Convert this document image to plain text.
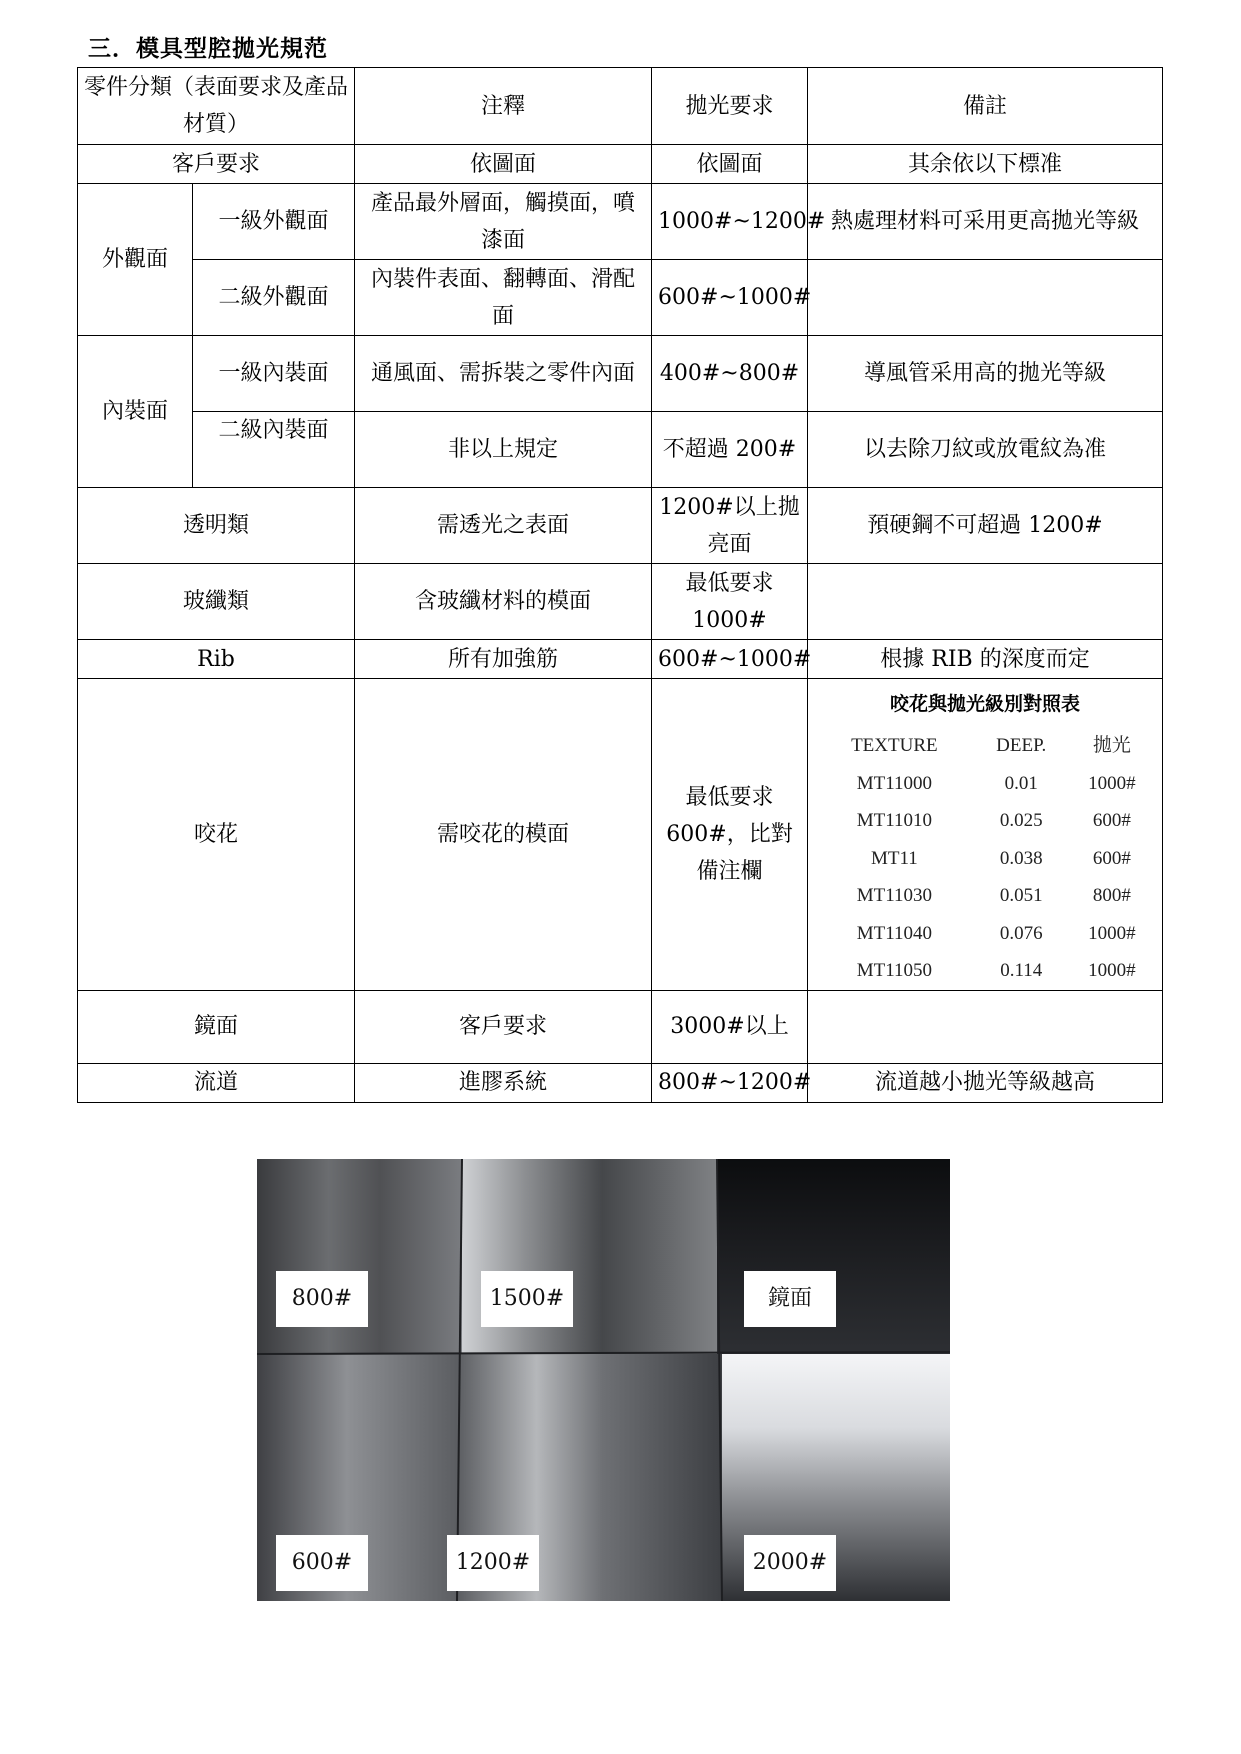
三．模具型腔拋光規范
零件分類（表面要求及產品材質）	注釋	拋光要求	備註
客戶要求	依圖面	依圖面	其余依以下標准
外觀面	一級外觀面	產品最外層面，觸摸面，噴漆面	1000#~1200#	熱處理材料可采用更高拋光等級
二級外觀面	內裝件表面、翻轉面、滑配面	600#~1000#	
內裝面	一級內裝面	通風面、需拆裝之零件內面	400#~800#	導風管采用高的拋光等級
二級內裝面	非以上規定	不超過 200#	以去除刀紋或放電紋為准
透明類	需透光之表面	1200#以上拋亮面	預硬鋼不可超過 1200#
玻纖類	含玻纖材料的模面	最低要求 1000#	
Rib	所有加強筋	600#~1000#	根據 RIB 的深度而定
咬花	需咬花的模面	最低要求 600#，比對備注欄	
咬花與拋光級別對照表
TEXTURE	DEEP.	拋光
MT11000	0.01	1000#
MT11010	0.025	600#
MT11	0.038	600#
MT11030	0.051	800#
MT11040	0.076	1000#
MT11050	0.114	1000#

鏡面	客戶要求	3000#以上	
流道	進膠系統	800#~1200#	流道越小拋光等級越高
800#	1500#	鏡面
600#	1200#	2000#
